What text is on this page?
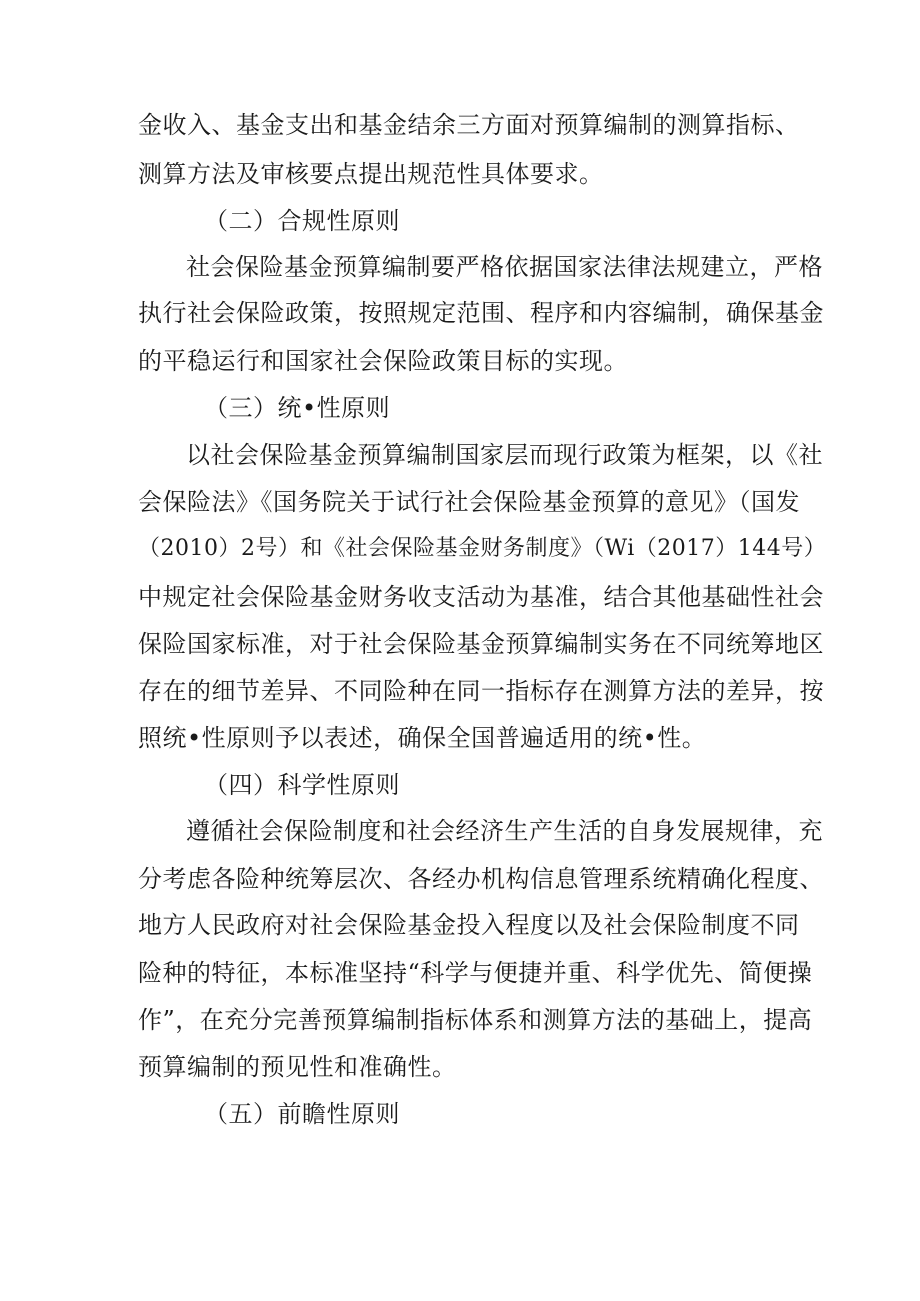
金收入、基金支出和基金结余三方面对预算编制的测算指标、
测算方法及审核要点提出规范性具体要求。
（二）合规性原则
社会保险基金预算编制要严格依据国家法律法规建立，严格
执行社会保险政策，按照规定范围、程序和内容编制，确保基金
的平稳运行和国家社会保险政策目标的实现。
（三）统•性原则
以社会保险基金预算编制国家层而现行政策为框架，以《社
会保险法》《国务院关于试行社会保险基金预算的意见》（国发
（2010）2号）和《社会保险基金财务制度》（Wi（2017）144号）
中规定社会保险基金财务收支活动为基准，结合其他基础性社会
保险国家标准，对于社会保险基金预算编制实务在不同统筹地区
存在的细节差异、不同险种在同一指标存在测算方法的差异，按
照统•性原则予以表述，确保全国普遍适用的统•性。
（四）科学性原则
遵循社会保险制度和社会经济生产生活的自身发展规律，充
分考虑各险种统筹层次、各经办机构信息管理系统精确化程度、
地方人民政府对社会保险基金投入程度以及社会保险制度不同
险种的特征，本标准坚持“科学与便捷并重、科学优先、简便操
作”，在充分完善预算编制指标体系和测算方法的基础上，提高
预算编制的预见性和准确性。
（五）前瞻性原则
